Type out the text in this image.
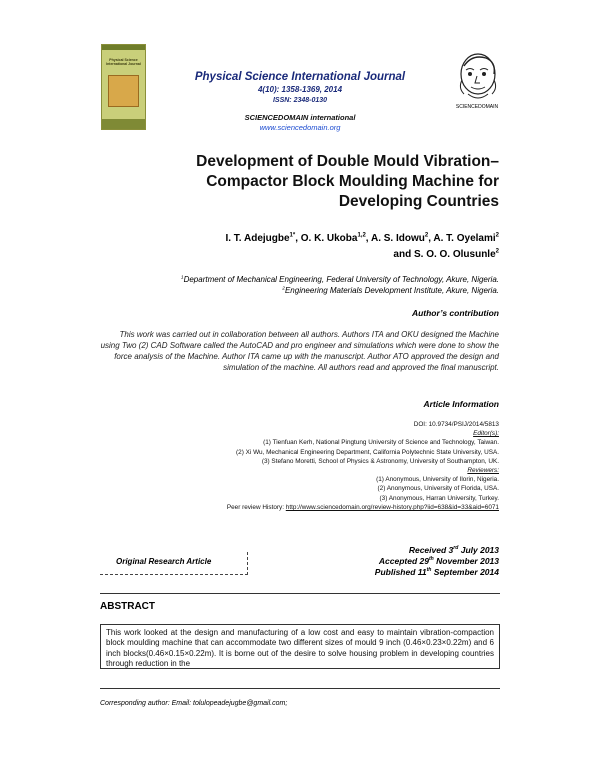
Physical Science International Journal
Physical Science International Journal
4(10): 1358-1369, 2014
ISSN: 2348-0130
SCIENCEDOMAIN international
www.sciencedomain.org
SCIENCEDOMAIN
Development of Double Mould Vibration–
Compactor Block Moulding Machine for
Developing Countries
I. T. Adejugbe$^{1*}$, O. K. Ukoba$^{1,2}$, A. S. Idowu$^2$, A. T. Oyelami$^2$
and S. O. O. Olusunle$^2$
$^1$Department of Mechanical Engineering, Federal University of Technology, Akure, Nigeria.
$^2$Engineering Materials Development Institute, Akure, Nigeria.
Author’s contribution
This work was carried out in collaboration between all authors. Authors ITA and OKU designed the Machine using Two (2) CAD Software called the AutoCAD and pro engineer and simulations which were done to show the force analysis of the Machine. Author ITA came up with the manuscript. Author ATO approved the design and simulation of the machine. All authors read and approved the final manuscript.
Article Information
DOI: 10.9734/PSIJ/2014/5813
Editor(s):
(1) Tienfuan Kerh, National Pingtung University of Science and Technology, Taiwan.
(2) Xi Wu, Mechanical Engineering Department, California Polytechnic State University, USA.
(3) Stefano Moretti, School of Physics & Astronomy, University of Southampton, UK.
Reviewers:
(1) Anonymous, University of Ilorin, Nigeria.
(2) Anonymous, University of Florida, USA.
(3) Anonymous, Harran University, Turkey.
Peer review History: http://www.sciencedomain.org/review-history.php?iid=638&id=33&aid=6071
Original Research Article
Received 3rd July 2013
Accepted 29th November 2013
Published 11th September 2014
ABSTRACT
This work looked at the design and manufacturing of a low cost and easy to maintain vibration-compaction block moulding machine that can accommodate two different sizes of mould 9 inch (0.46×0.23×0.22m) and 6 inch blocks(0.46×0.15×0.22m). It is borne out of the desire to solve housing problem in developing countries through reduction in the
Corresponding author: Email: tolulopeadejugbe@gmail.com;
